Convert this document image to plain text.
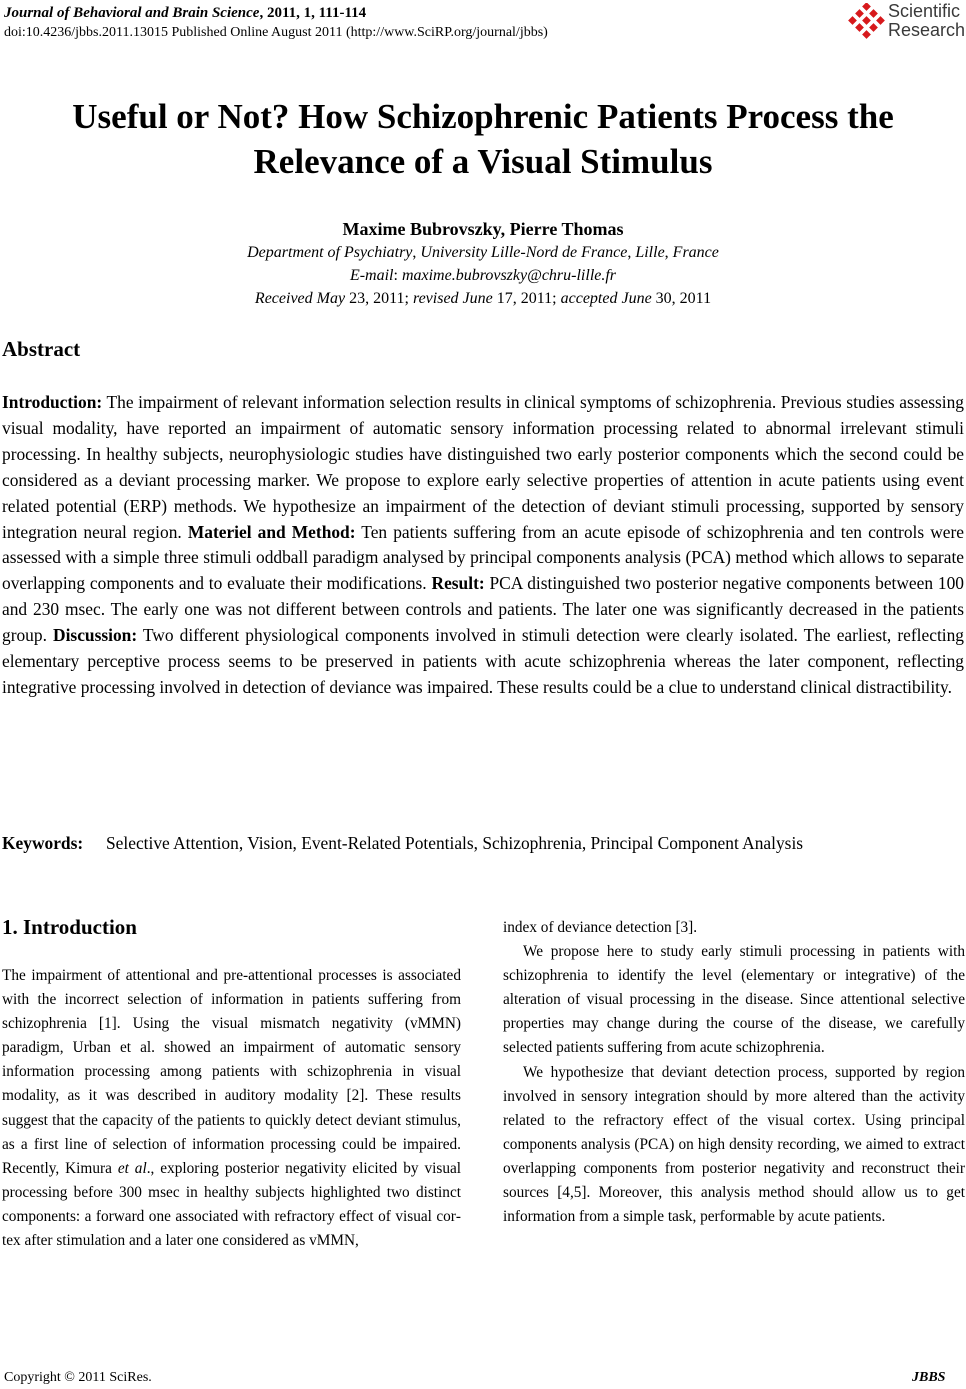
Journal of Behavioral and Brain Science, 2011, 1, 111-114
doi:10.4236/jbbs.2011.13015 Published Online August 2011 (http://www.SciRP.org/journal/jbbs)
Scientific
Research
Useful or Not? How Schizophrenic Patients Process the
Relevance of a Visual Stimulus
Maxime Bubrovszky, Pierre Thomas
Department of Psychiatry, University Lille-Nord de France, Lille, France
E-mail: maxime.bubrovszky@chru-lille.fr
Received May 23, 2011; revised June 17, 2011; accepted June 30, 2011
Abstract
Introduction: The impairment of relevant information selection results in clinical symptoms of schizophrenia. Previous studies assessing visual modality, have reported an impairment of automatic sensory information processing related to abnormal irrelevant stimuli processing. In healthy subjects, neurophysiologic studies have distinguished two early posterior components which the second could be considered as a deviant processing marker. We propose to explore early selective properties of attention in acute patients using event related potential (ERP) methods. We hypothesize an impairment of the detection of deviant stimuli processing, supported by sensory integration neural region. Materiel and Method: Ten patients suffering from an acute episode of schizophrenia and ten controls were assessed with a simple three stimuli oddball paradigm analysed by principal components analysis (PCA) method which allows to separate overlapping components and to evaluate their modifications. Result: PCA distinguished two posterior negative components between 100 and 230 msec. The early one was not different between controls and patients. The later one was significantly decreased in the patients group. Discussion: Two different physiological components involved in stimuli detection were clearly isolated. The earliest, reflecting elementary perceptive process seems to be preserved in patients with acute schizophrenia whereas the later component, reflecting integrative processing involved in detection of deviance was impaired. These results could be a clue to understand clinical distractibility.
Keywords: Selective Attention, Vision, Event-Related Potentials, Schizophrenia, Principal Component Analysis
1. Introduction

The impairment of attentional and pre-attentional processes is associated with the incorrect selection of information in patients suffering from schizophrenia [1]. Using the visual mismatch negativity (vMMN) paradigm, Urban et al. showed an impairment of automatic sensory information processing among patients with schizophrenia in visual modality, as it was described in auditory modality [2]. These results suggest that the capacity of the patients to quickly detect deviant stimulus, as a first line of selection of information processing could be impaired. Recently, Kimura et al., exploring posterior negativity elicited by visual processing before 300 msec in healthy subjects highlighted two distinct components: a forward one associated with refractory effect of visual cortex after stimulation and a later one considered as vMMN,

index of deviance detection [3].

We propose here to study early stimuli processing in patients with schizophrenia to identify the level (elementary or integrative) of the alteration of visual processing in the disease. Since attentional selective properties may change during the course of the disease, we carefully selected patients suffering from acute schizophrenia.

We hypothesize that deviant detection process, supported by region involved in sensory integration should by more altered than the activity related to the refractory effect of the visual cortex. Using principal components analysis (PCA) on high density recording, we aimed to extract overlapping components from posterior negativity and reconstruct their sources [4,5]. Moreover, this analysis method should allow us to get information from a simple task, performable by acute patients.

Copyright © 2011 SciRes.	JBBS
